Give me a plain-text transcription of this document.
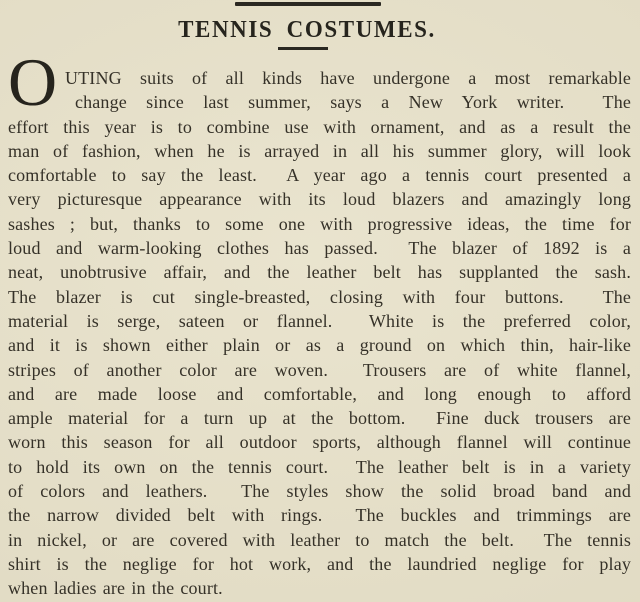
TENNIS COSTUMES.
O UTING suits of all kinds have undergone a most remarkable
change since last summer, says a New York writer.  The
effort this year is to combine use with ornament, and as a result the
man of fashion, when he is arrayed in all his summer glory, will look
comfortable to say the least.  A year ago a tennis court presented a
very picturesque appearance with its loud blazers and amazingly long
sashes ; but, thanks to some one with progressive ideas, the time for
loud and warm-looking clothes has passed.  The blazer of 1892 is a
neat, unobtrusive affair, and the leather belt has supplanted the sash.
The blazer is cut single-breasted, closing with four buttons.  The
material is serge, sateen or flannel.  White is the preferred color,
and it is shown either plain or as a ground on which thin, hair-like
stripes of another color are woven.  Trousers are of white flannel,
and are made loose and comfortable, and long enough to afford
ample material for a turn up at the bottom.  Fine duck trousers are
worn this season for all outdoor sports, although flannel will continue
to hold its own on the tennis court.  The leather belt is in a variety
of colors and leathers.  The styles show the solid broad band and
the narrow divided belt with rings.  The buckles and trimmings are
in nickel, or are covered with leather to match the belt.  The tennis
shirt is the neglige for hot work, and the laundried neglige for play
when ladies are in the court.
